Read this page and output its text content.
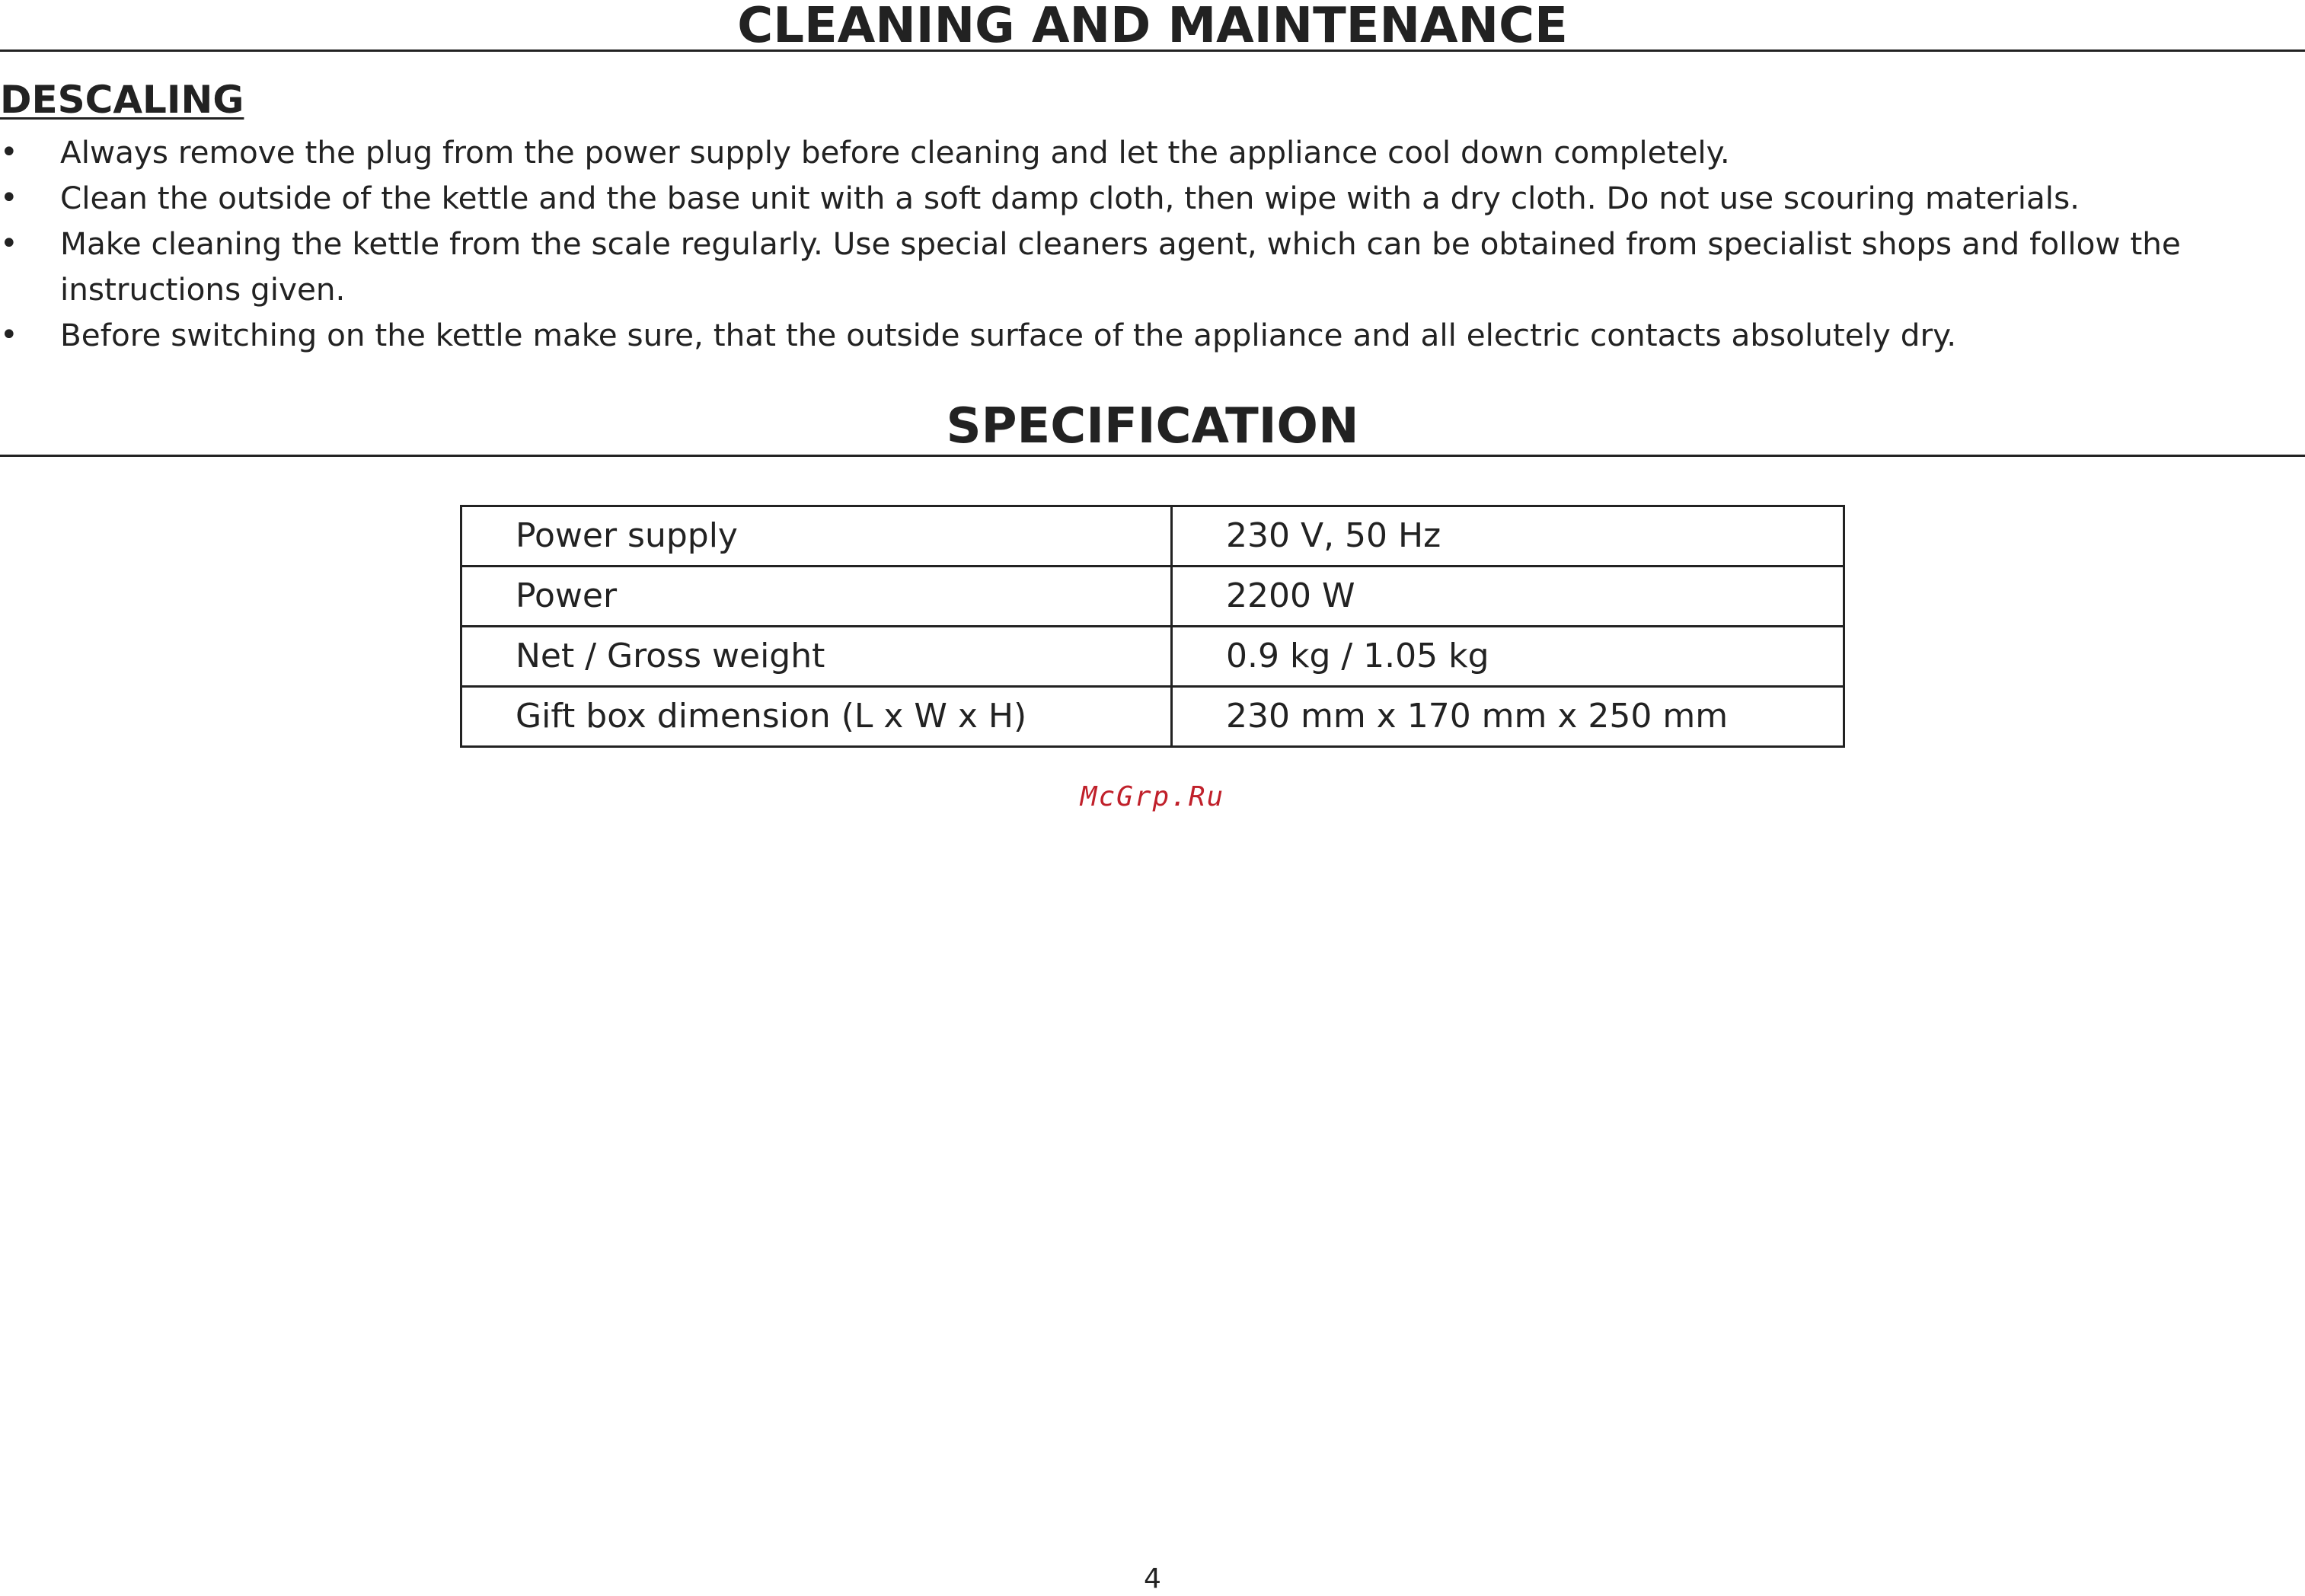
CLEANING AND MAINTENANCE
DESCALING
• Always remove the plug from the power supply before cleaning and let the appliance cool down completely.
• Clean the outside of the kettle and the base unit with a soft damp cloth, then wipe with a dry cloth. Do not use scouring materials.
• Make cleaning the kettle from the scale regularly. Use special cleaners agent, which can be obtained from specialist shops and follow the instructions given.
• Before switching on the kettle make sure, that the outside surface of the appliance and all electric contacts absolutely dry.
SPECIFICATION
Power supply	230 V, 50 Hz
Power	2200 W
Net / Gross weight	0.9 kg / 1.05 kg
Gift box dimension (L x W x H)	230 mm x 170 mm x 250 mm

McGrp.Ru

4
